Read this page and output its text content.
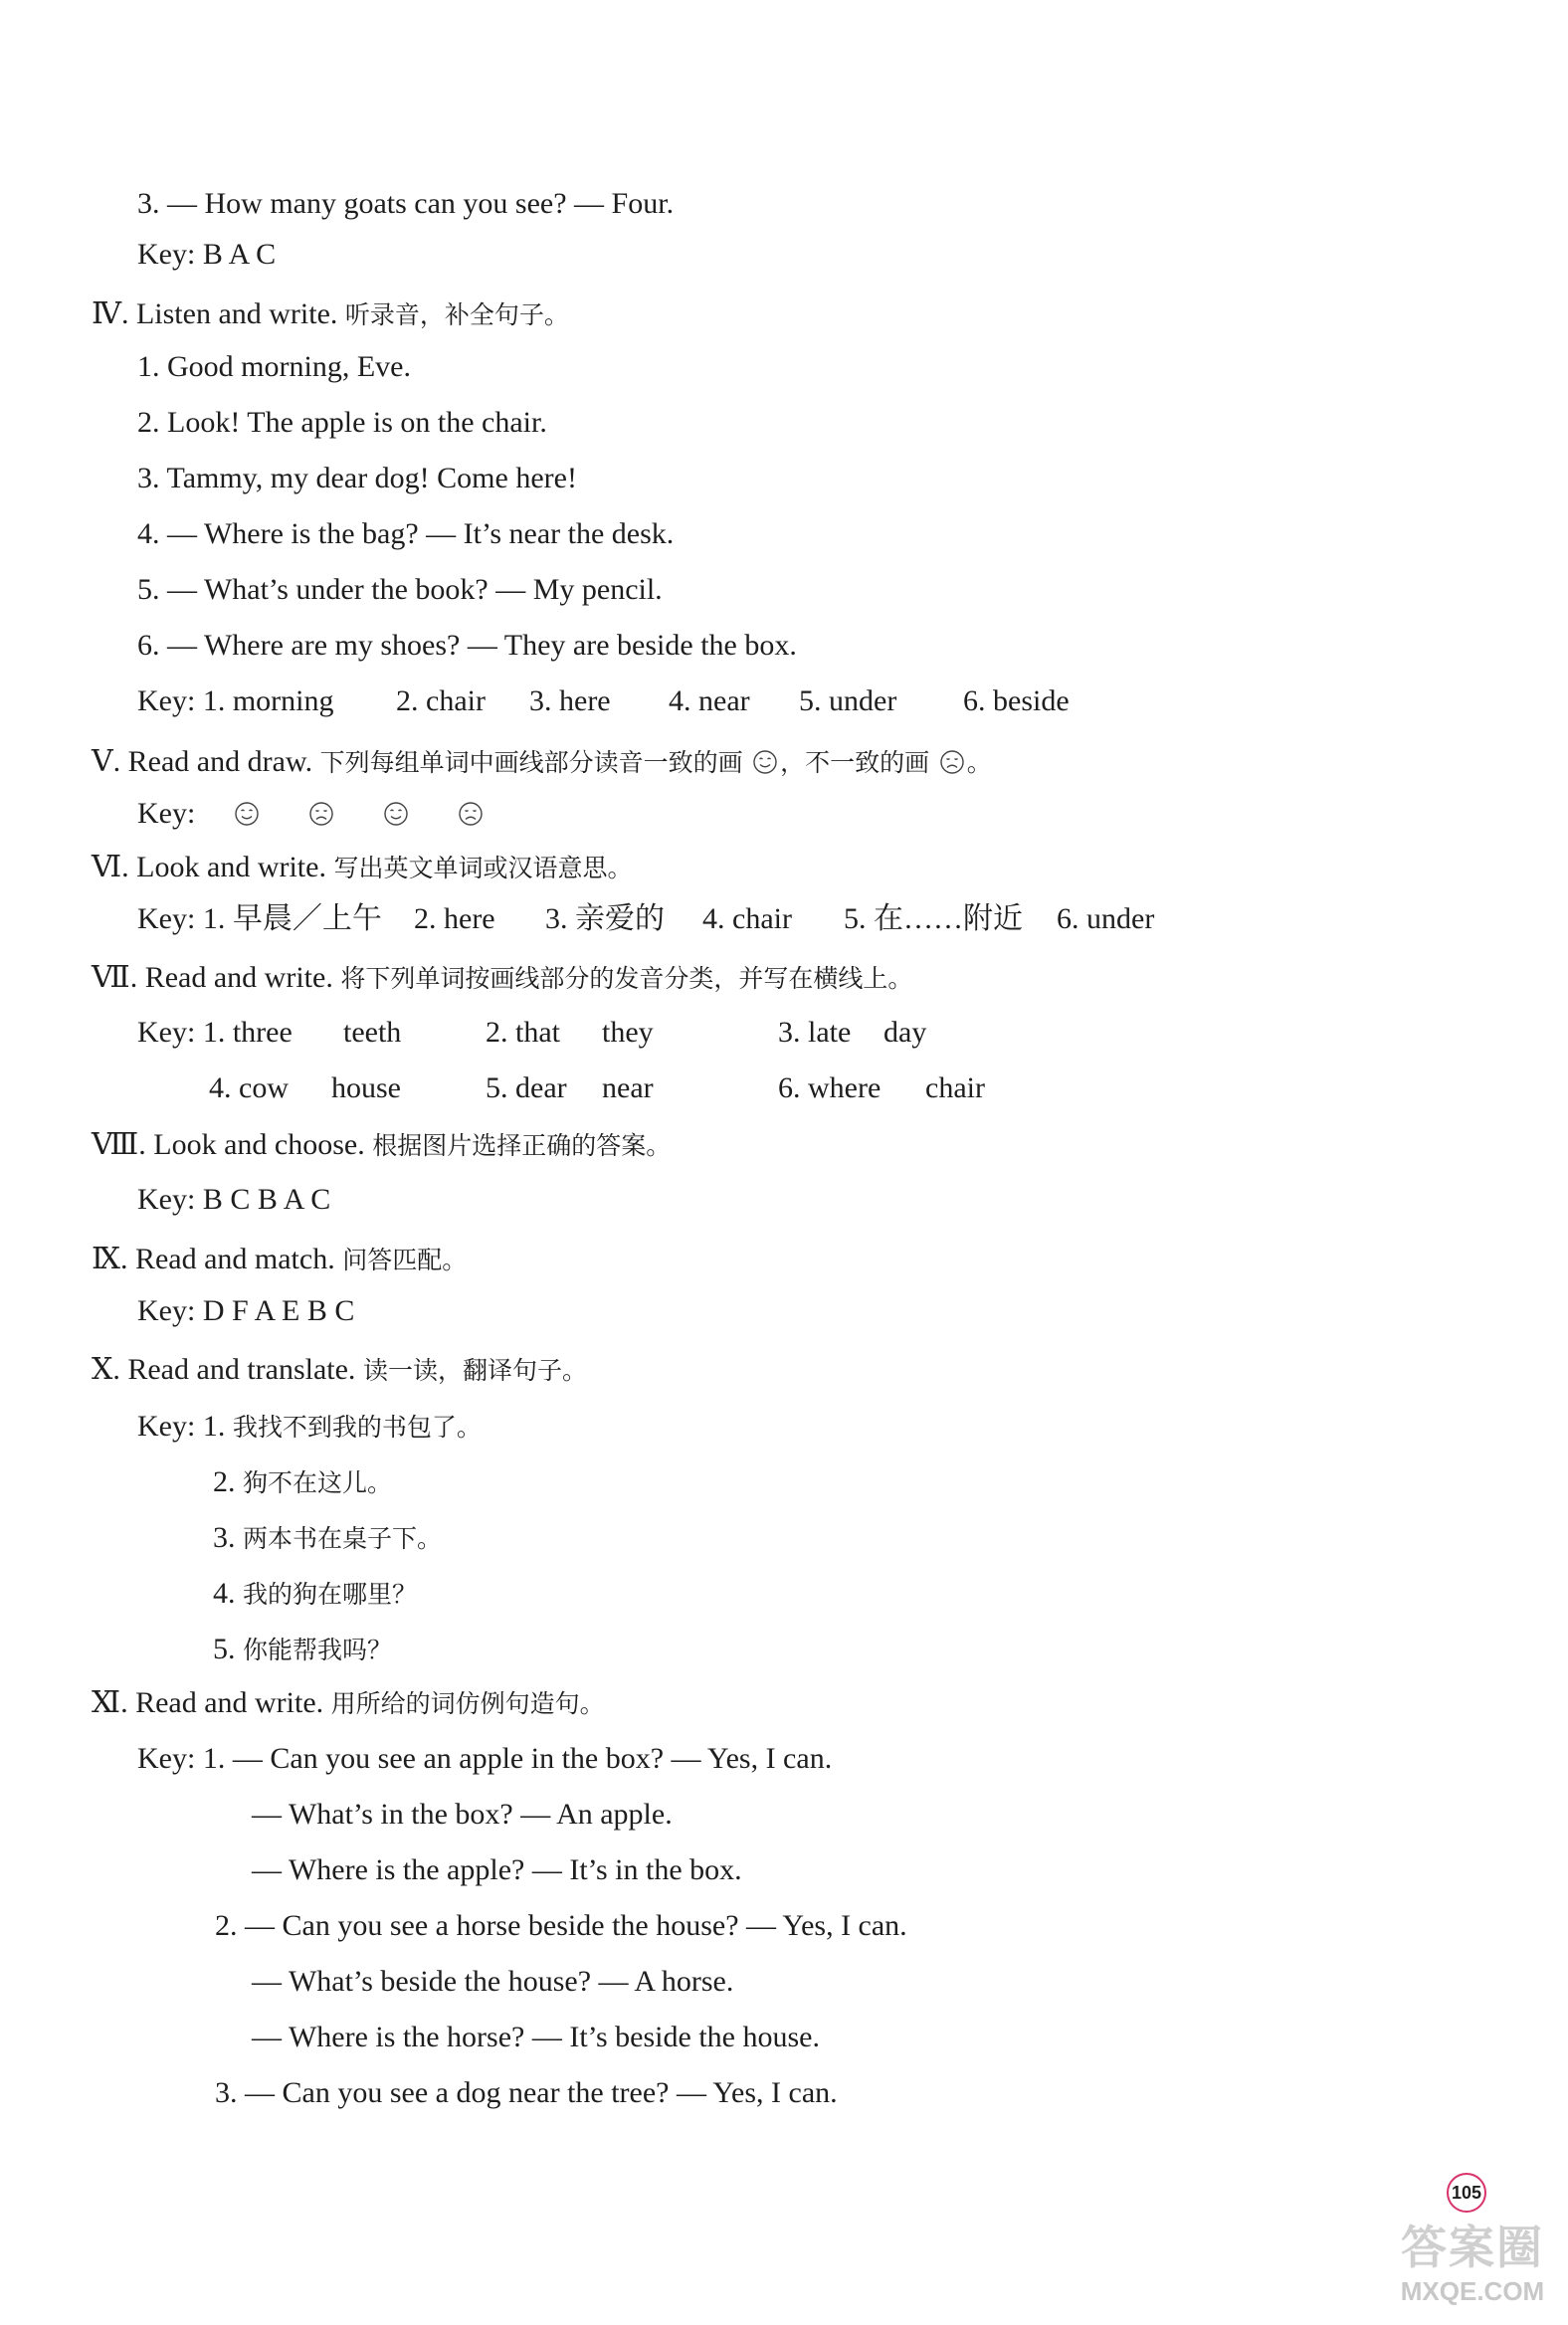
3. — How many goats can you see? — Four.
Key: B A C
Ⅳ. Listen and write. 听录音，补全句子。
1. Good morning, Eve.
2. Look! The apple is on the chair.
3. Tammy, my dear dog! Come here!
4. — Where is the bag? — It’s near the desk.
5. — What’s under the book? — My pencil.
6. — Where are my shoes? — They are beside the box.
Key: 1. morning 2. chair 3. here 4. near 5. under 6. beside
Ⅴ. Read and draw. 下列每组单词中画线部分读音一致的画 ，不一致的画 。
Key:

Ⅵ. Look and write. 写出英文单词或汉语意思。
Key: 1. 早晨／上午 2. here 3. 亲爱的 4. chair 5. 在……附近 6. under
Ⅶ. Read and write. 将下列单词按画线部分的发音分类，并写在横线上。
Key: 1. three teeth	2. that they	3. late day
4. cow house	5. dear near	6. where chair
Ⅷ. Look and choose. 根据图片选择正确的答案。
Key: B C B A C
Ⅸ. Read and match. 问答匹配。
Key: D F A E B C
Ⅹ. Read and translate. 读一读，翻译句子。
Key: 1. 我找不到我的书包了。
2. 狗不在这儿。
3. 两本书在桌子下。
4. 我的狗在哪里？
5. 你能帮我吗？
Ⅺ. Read and write. 用所给的词仿例句造句。
Key: 1. — Can you see an apple in the box? — Yes, I can.
— What’s in the box? — An apple.
— Where is the apple? — It’s in the box.
2. — Can you see a horse beside the house? — Yes, I can.
— What’s beside the house? — A horse.
— Where is the horse? — It’s beside the house.
3. — Can you see a dog near the tree? — Yes, I can.
105
答案圈
MXQE.COM
